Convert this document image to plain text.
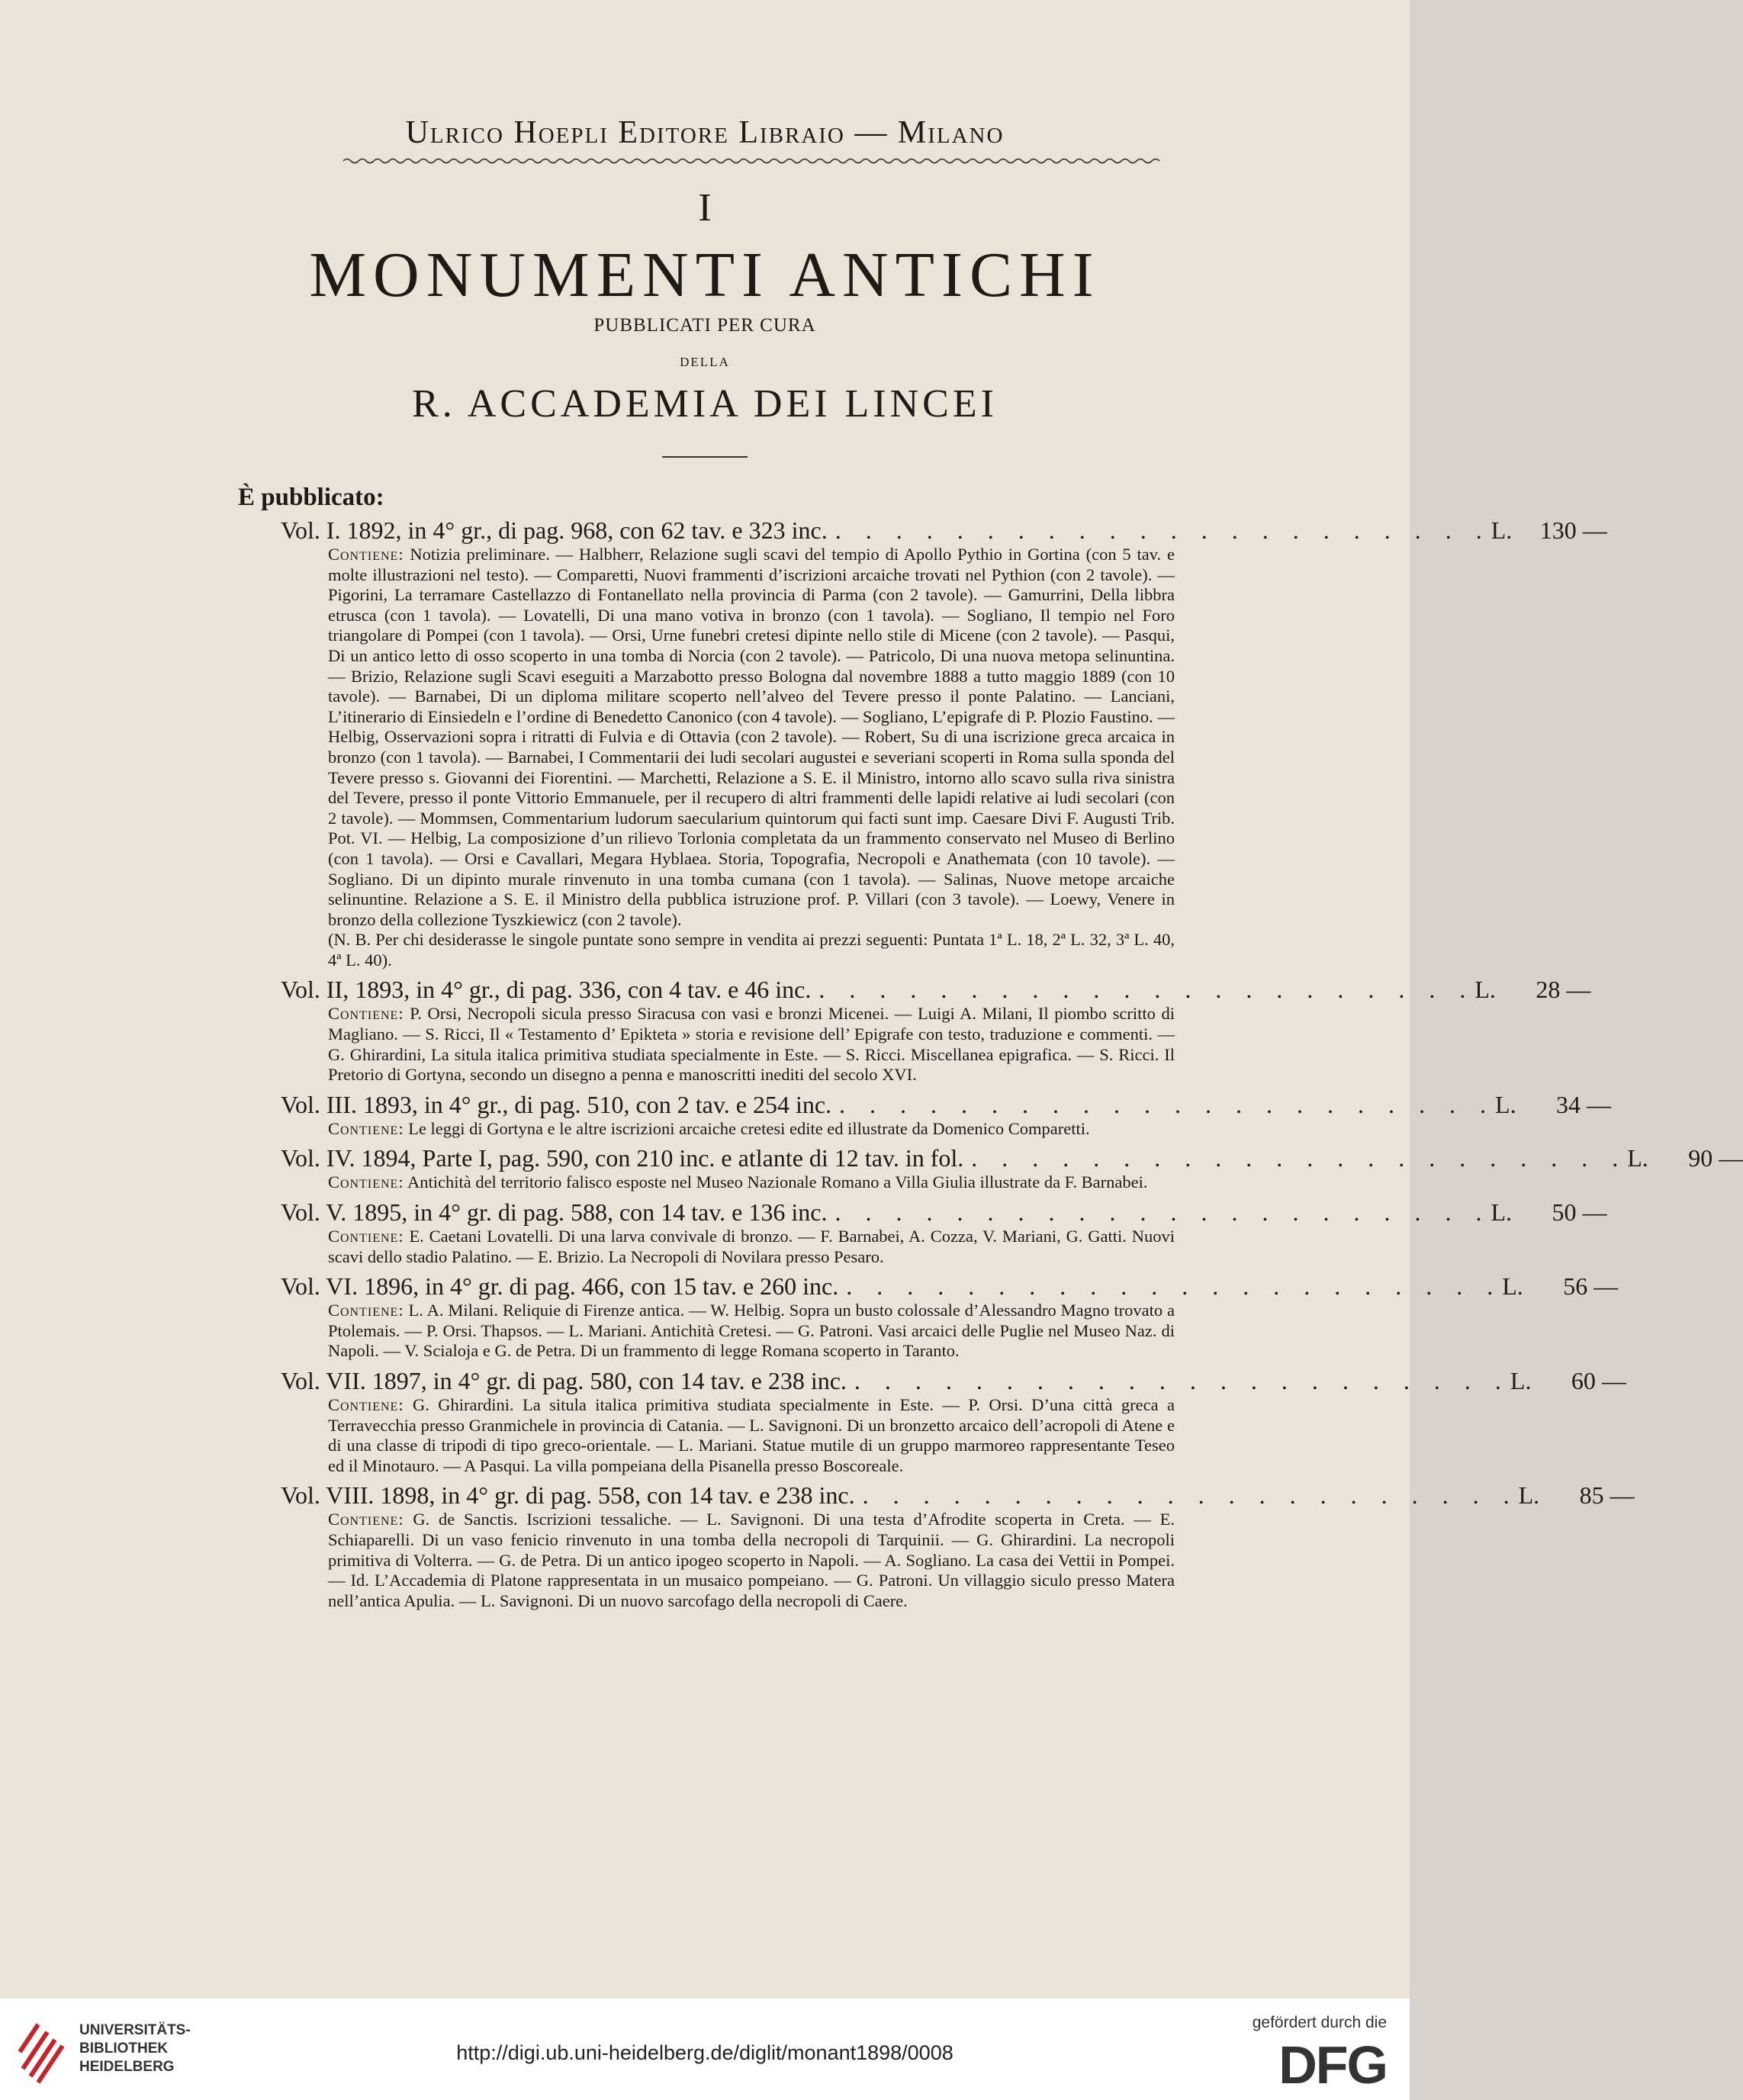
Ulrico Hoepli Editore Libraio — Milano
I
MONUMENTI ANTICHI
PUBBLICATI PER CURA
DELLA
R. ACCADEMIA DEI LINCEI
È pubblicato:
Vol. I. 1892, in 4° gr., di pag. 968, con 62 tav. e 323 inc. . . . . . . . . . . . . . . . . . . . . . . L.	130 —
Contiene: Notizia preliminare. — Halbherr, Relazione sugli scavi del tempio di Apollo Pythio in Gortina (con 5 tav. e molte illustrazioni nel testo). — Comparetti, Nuovi frammenti d’iscrizioni arcaiche trovati nel Pythion (con 2 tavole). — Pigorini, La terramare Castellazzo di Fontanellato nella provincia di Parma (con 2 tavole). — Gamurrini, Della libbra etrusca (con 1 tavola). — Lovatelli, Di una mano votiva in bronzo (con 1 tavola). — Sogliano, Il tempio nel Foro triangolare di Pompei (con 1 tavola). — Orsi, Urne funebri cretesi dipinte nello stile di Micene (con 2 tavole). — Pasqui, Di un antico letto di osso scoperto in una tomba di Norcia (con 2 tavole). — Patricolo, Di una nuova metopa selinuntina. — Brizio, Relazione sugli Scavi eseguiti a Marzabotto presso Bologna dal novembre 1888 a tutto maggio 1889 (con 10 tavole). — Barnabei, Di un diploma militare scoperto nell’alveo del Tevere presso il ponte Palatino. — Lanciani, L’itinerario di Einsiedeln e l’ordine di Benedetto Canonico (con 4 tavole). — Sogliano, L’epigrafe di P. Plozio Faustino. — Helbig, Osservazioni sopra i ritratti di Fulvia e di Ottavia (con 2 tavole). — Robert, Su di una iscrizione greca arcaica in bronzo (con 1 tavola). — Barnabei, I Commentarii dei ludi secolari augustei e severiani scoperti in Roma sulla sponda del Tevere presso s. Giovanni dei Fiorentini. — Marchetti, Relazione a S. E. il Ministro, intorno allo scavo sulla riva sinistra del Tevere, presso il ponte Vittorio Emmanuele, per il recupero di altri frammenti delle lapidi relative ai ludi secolari (con 2 tavole). — Mommsen, Commentarium ludorum saecularium quintorum qui facti sunt imp. Caesare Divi F. Augusti Trib. Pot. VI. — Helbig, La composizione d’un rilievo Torlonia completata da un frammento conservato nel Museo di Berlino (con 1 tavola). — Orsi e Cavallari, Megara Hyblaea. Storia, Topografia, Necropoli e Anathemata (con 10 tavole). — Sogliano. Di un dipinto murale rinvenuto in una tomba cumana (con 1 tavola). — Salinas, Nuove metope arcaiche selinuntine. Relazione a S. E. il Ministro della pubblica istruzione prof. P. Villari (con 3 tavole). — Loewy, Venere in bronzo della collezione Tyszkiewicz (con 2 tavole).
(N. B. Per chi desiderasse le singole puntate sono sempre in vendita ai prezzi seguenti: Puntata 1ª L. 18, 2ª L. 32, 3ª L. 40, 4ª L. 40).
Vol. II, 1893, in 4° gr., di pag. 336, con 4 tav. e 46 inc. . . . . . . . . . . . . . . . . . . . . . . L.	28 —
Contiene: P. Orsi, Necropoli sicula presso Siracusa con vasi e bronzi Micenei. — Luigi A. Milani, Il piombo scritto di Magliano. — S. Ricci, Il « Testamento d’ Epikteta » storia e revisione dell’ Epigrafe con testo, traduzione e commenti. — G. Ghirardini, La situla italica primitiva studiata specialmente in Este. — S. Ricci. Miscellanea epigrafica. — S. Ricci. Il Pretorio di Gortyna, secondo un disegno a penna e manoscritti inediti del secolo XVI.
Vol. III. 1893, in 4° gr., di pag. 510, con 2 tav. e 254 inc. . . . . . . . . . . . . . . . . . . . . . . L.	34 —
Contiene: Le leggi di Gortyna e le altre iscrizioni arcaiche cretesi edite ed illustrate da Domenico Comparetti.
Vol. IV. 1894, Parte I, pag. 590, con 210 inc. e atlante di 12 tav. in fol. . . . . . . . . . . . . . . . . . . . . . . L.	90 —
Contiene: Antichità del territorio falisco esposte nel Museo Nazionale Romano a Villa Giulia illustrate da F. Barnabei.
Vol. V. 1895, in 4° gr. di pag. 588, con 14 tav. e 136 inc. . . . . . . . . . . . . . . . . . . . . . . L.	50 —
Contiene: E. Caetani Lovatelli. Di una larva convivale di bronzo. — F. Barnabei, A. Cozza, V. Mariani, G. Gatti. Nuovi scavi dello stadio Palatino. — E. Brizio. La Necropoli di Novilara presso Pesaro.
Vol. VI. 1896, in 4° gr. di pag. 466, con 15 tav. e 260 inc. . . . . . . . . . . . . . . . . . . . . . . L.	56 —
Contiene: L. A. Milani. Reliquie di Firenze antica. — W. Helbig. Sopra un busto colossale d’Alessandro Magno trovato a Ptolemais. — P. Orsi. Thapsos. — L. Mariani. Antichità Cretesi. — G. Patroni. Vasi arcaici delle Puglie nel Museo Naz. di Napoli. — V. Scialoja e G. de Petra. Di un frammento di legge Romana scoperto in Taranto.
Vol. VII. 1897, in 4° gr. di pag. 580, con 14 tav. e 238 inc. . . . . . . . . . . . . . . . . . . . . . . L.	60 —
Contiene: G. Ghirardini. La situla italica primitiva studiata specialmente in Este. — P. Orsi. D’una città greca a Terravecchia presso Granmichele in provincia di Catania. — L. Savignoni. Di un bronzetto arcaico dell’acropoli di Atene e di una classe di tripodi di tipo greco-orientale. — L. Mariani. Statue mutile di un gruppo marmoreo rappresentante Teseo ed il Minotauro. — A Pasqui. La villa pompeiana della Pisanella presso Boscoreale.
Vol. VIII. 1898, in 4° gr. di pag. 558, con 14 tav. e 238 inc. . . . . . . . . . . . . . . . . . . . . . . L.	85 —
Contiene: G. de Sanctis. Iscrizioni tessaliche. — L. Savignoni. Di una testa d’Afrodite scoperta in Creta. — E. Schiaparelli. Di un vaso fenicio rinvenuto in una tomba della necropoli di Tarquinii. — G. Ghirardini. La necropoli primitiva di Volterra. — G. de Petra. Di un antico ipogeo scoperto in Napoli. — A. Sogliano. La casa dei Vettii in Pompei. — Id. L’Accademia di Platone rappresentata in un musaico pompeiano. — G. Patroni. Un villaggio siculo presso Matera nell’antica Apulia. — L. Savignoni. Di un nuovo sarcofago della necropoli di Caere.
UNIVERSITÄTS-
BIBLIOTHEK
HEIDELBERG
http://digi.ub.uni-heidelberg.de/diglit/monant1898/0008
gefördert durch die
DFG
